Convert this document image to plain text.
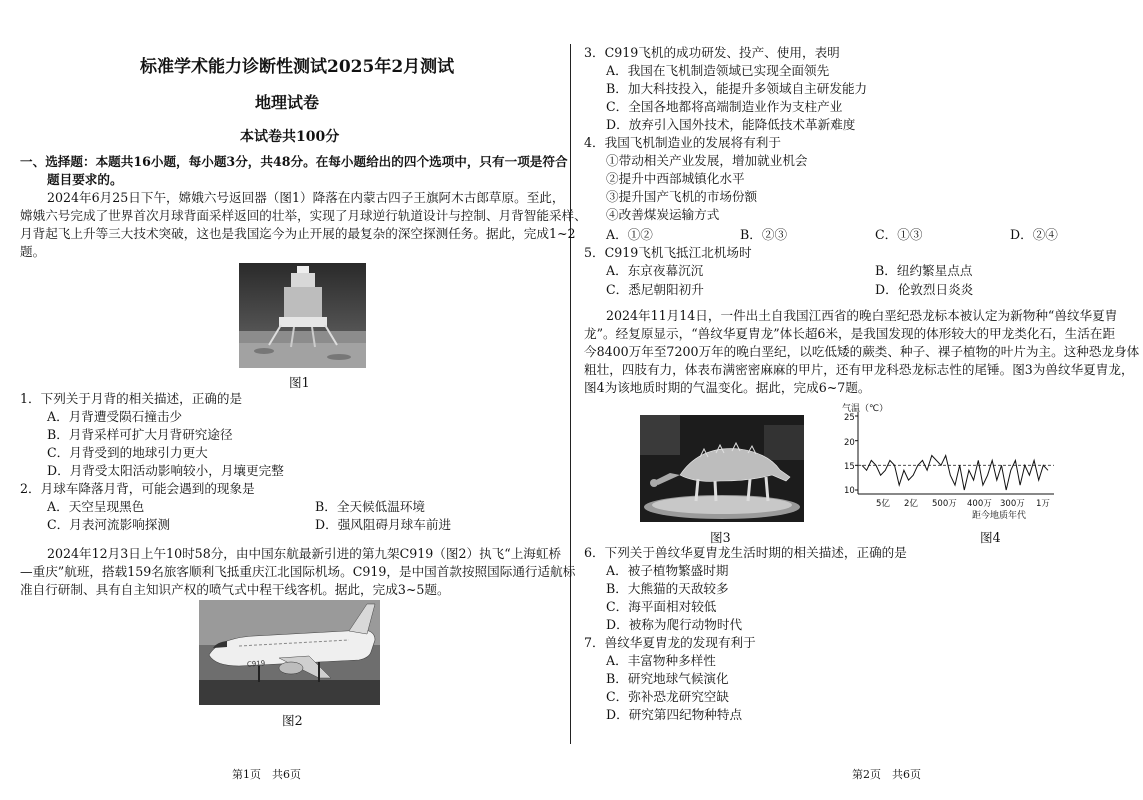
标准学术能力诊断性测试2025年2月测试
地理试卷
本试卷共100分
一、选择题：本题共16小题，每小题3分，共48分。在每小题给出的四个选项中，只有一项是符合
题目要求的。
2024年6月25日下午，嫦娥六号返回器（图1）降落在内蒙古四子王旗阿木古郎草原。至此，
嫦娥六号完成了世界首次月球背面采样返回的壮举，实现了月球逆行轨道设计与控制、月背智能采样、
月背起飞上升等三大技术突破，这也是我国迄今为止开展的最复杂的深空探测任务。据此，完成1~2
题。
图1
1．下列关于月背的相关描述，正确的是
A．月背遭受陨石撞击少
B．月背采样可扩大月背研究途径
C．月背受到的地球引力更大
D．月背受太阳活动影响较小，月壤更完整
2．月球车降落月背，可能会遇到的现象是
A．天空呈现黑色	B．全天候低温环境
C．月表河流影响探测	D．强风阻碍月球车前进
2024年12月3日上午10时58分，由中国东航最新引进的第九架C919（图2）执飞“上海虹桥
—重庆”航班，搭载159名旅客顺利飞抵重庆江北国际机场。C919，是中国首款按照国际通行适航标
准自行研制、具有自主知识产权的喷气式中程干线客机。据此，完成3~5题。
C919
图2
第1页　共6页
3．C919飞机的成功研发、投产、使用，表明
A．我国在飞机制造领域已实现全面领先
B．加大科技投入，能提升多领域自主研发能力
C．全国各地都将高端制造业作为支柱产业
D．放弃引入国外技术，能降低技术革新难度
4．我国飞机制造业的发展将有利于
①带动相关产业发展，增加就业机会
②提升中西部城镇化水平
③提升国产飞机的市场份额
④改善煤炭运输方式
A．①②	B．②③	C．①③	D．②④
5．C919飞机飞抵江北机场时
A．东京夜幕沉沉	B．纽约繁星点点
C．悉尼朝阳初升	D．伦敦烈日炎炎
2024年11月14日，一件出土自我国江西省的晚白垩纪恐龙标本被认定为新物种“兽纹华夏胄
龙”。经复原显示，“兽纹华夏胄龙”体长超6米，是我国发现的体形较大的甲龙类化石，生活在距
今8400万年至7200万年的晚白垩纪，以吃低矮的蕨类、种子、裸子植物的叶片为主。这种恐龙身体
粗壮，四肢有力，体表布满密密麻麻的甲片，还有甲龙科恐龙标志性的尾锤。图3为兽纹华夏胄龙，
图4为该地质时期的气温变化。据此，完成6~7题。
图3
气温（℃）
25
20
15
10
5亿 2亿 500万 400万 300万 1万
距今地质年代
图4
6．下列关于兽纹华夏胄龙生活时期的相关描述，正确的是
A．被子植物繁盛时期
B．大熊猫的天敌较多
C．海平面相对较低
D．被称为爬行动物时代
7．兽纹华夏胄龙的发现有利于
A．丰富物种多样性
B．研究地球气候演化
C．弥补恐龙研究空缺
D．研究第四纪物种特点
第2页　共6页
